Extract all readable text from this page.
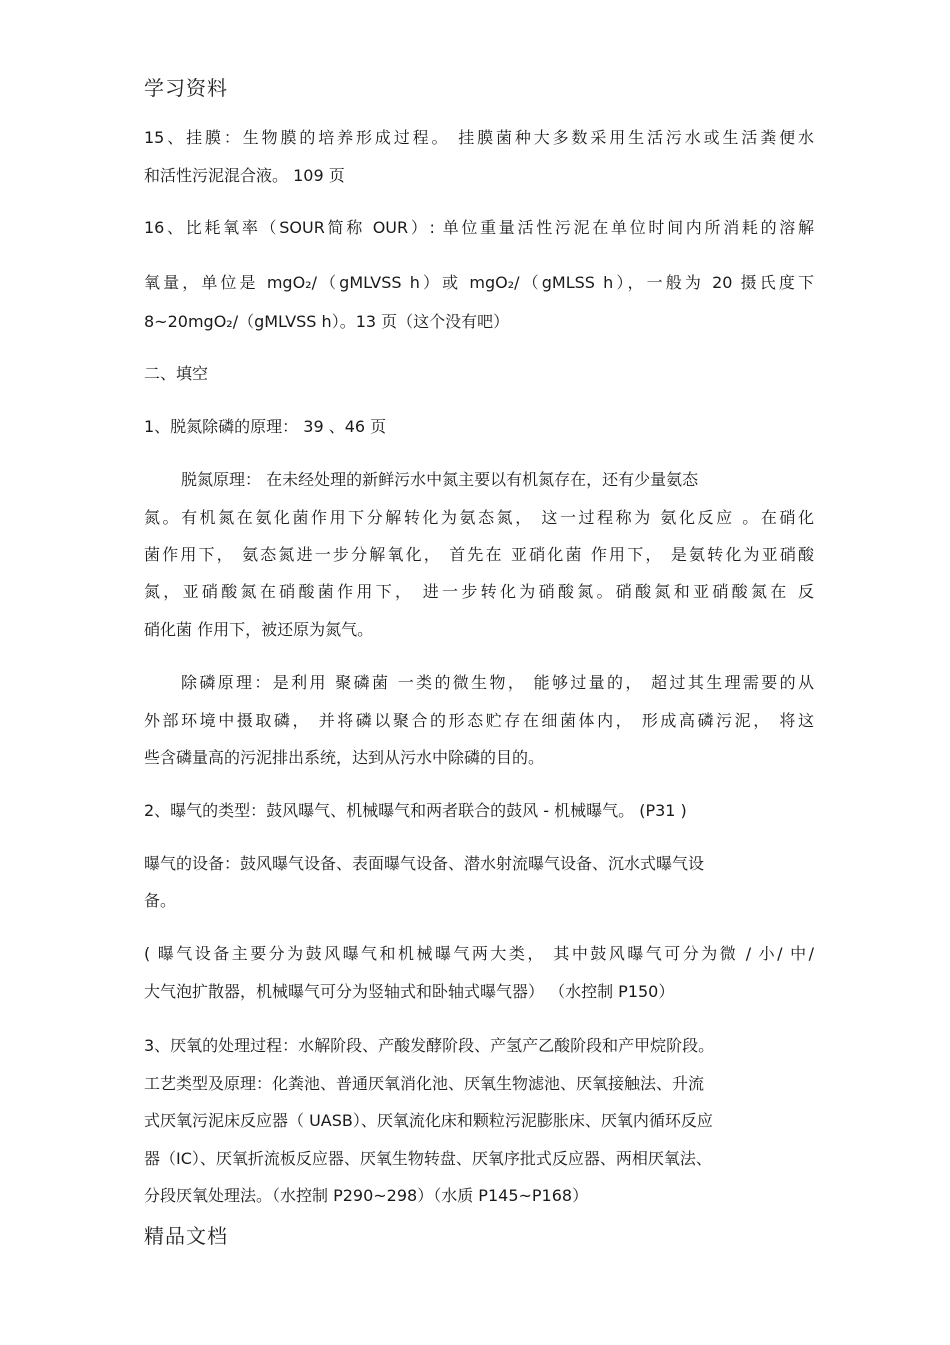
学习资料
15、挂膜：生物膜的培养形成过程。 挂膜菌种大多数采用生活污水或生活粪便水
和活性污泥混合液。 109 页
16、比耗氧率（SOUR简称 OUR）: 单位重量活性污泥在单位时间内所消耗的溶解
氧量，单位是 mgO₂/（gMLVSS h）或 mgO₂/（gMLSS h），一般为 20 摄氏度下
8~20mgO₂/（gMLVSS h）。13 页（这个没有吧）
二、填空
1、脱氮除磷的原理： 39 、46 页
脱氮原理： 在未经处理的新鲜污水中氮主要以有机氮存在，还有少量氨态
氮。有机氮在氨化菌作用下分解转化为氨态氮， 这一过程称为 氨化反应 。在硝化
菌作用下， 氨态氮进一步分解氧化， 首先在 亚硝化菌 作用下， 是氨转化为亚硝酸
氮，亚硝酸氮在硝酸菌作用下， 进一步转化为硝酸氮。硝酸氮和亚硝酸氮在 反
硝化菌 作用下，被还原为氮气。
除磷原理：是利用 聚磷菌 一类的微生物， 能够过量的， 超过其生理需要的从
外部环境中摄取磷， 并将磷以聚合的形态贮存在细菌体内， 形成高磷污泥， 将这
些含磷量高的污泥排出系统，达到从污水中除磷的目的。
2、曝气的类型：鼓风曝气、机械曝气和两者联合的鼓风 - 机械曝气。 (P31 )
曝气的设备：鼓风曝气设备、表面曝气设备、潜水射流曝气设备、沉水式曝气设
备。
( 曝气设备主要分为鼓风曝气和机械曝气两大类， 其中鼓风曝气可分为微 / 小/ 中/
大气泡扩散器，机械曝气可分为竖轴式和卧轴式曝气器） （水控制 P150）
3、厌氧的处理过程：水解阶段、产酸发酵阶段、产氢产乙酸阶段和产甲烷阶段。
工艺类型及原理：化粪池、普通厌氧消化池、厌氧生物滤池、厌氧接触法、升流
式厌氧污泥床反应器（ UASB）、厌氧流化床和颗粒污泥膨胀床、厌氧内循环反应
器（IC）、厌氧折流板反应器、厌氧生物转盘、厌氧序批式反应器、两相厌氧法、
分段厌氧处理法。（水控制 P290~298）（水质 P145~P168）
精品文档
